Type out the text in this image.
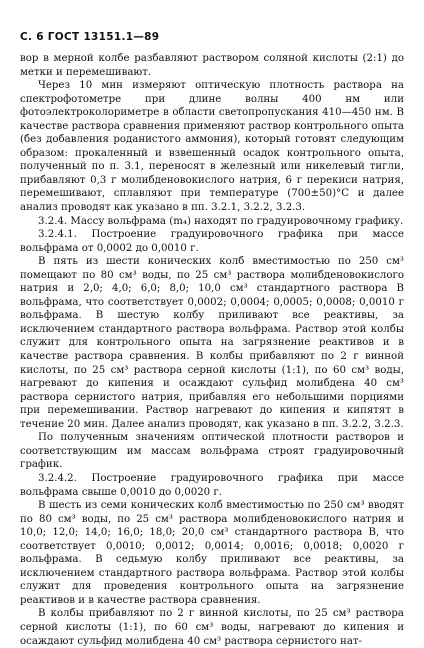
С. 6 ГОСТ 13151.1—89

вор в мерной колбе разбавляют раствором соляной кислоты (2:1) до метки и перемешивают.

Через 10 мин измеряют оптическую плотность раствора на спектрофотометре при длине волны 400 нм или фотоэлектроколориметре в области светопропускания 410—450 нм. В качестве раствора сравнения применяют раствор контрольного опыта (без добавления роданистого аммония), который готовят следующим образом: прокаленный и взвешенный осадок контрольного опыта, полученный по п. 3.1, переносят в железный или никелевый тигли, прибавляют 0,3 г молибденовокислого натрия, 6 г перекиси натрия, перемешивают, сплавляют при температуре (700±50)°С и далее анализ проводят как указано в пп. 3.2.1, 3.2.2, 3.2.3.

3.2.4. Массу вольфрама (m₄) находят по градуировочному графику.

3.2.4.1. Построение градуировочного графика при массе вольфрама от 0,0002 до 0,0010 г.

В пять из шести конических колб вместимостью по 250 см³ помещают по 80 см³ воды, по 25 см³ раствора молибденовокислого натрия и 2,0; 4,0; 6,0; 8,0; 10,0 см³ стандартного раствора В вольфрама, что соответствует 0,0002; 0,0004; 0,0005; 0,0008; 0,0010 г вольфрама. В шестую колбу приливают все реактивы, за исключением стандартного раствора вольфрама. Раствор этой колбы служит для контрольного опыта на загрязнение реактивов и в качестве раствора сравнения. В колбы прибавляют по 2 г винной кислоты, по 25 см³ раствора серной кислоты (1:1), по 60 см³ воды, нагревают до кипения и осаждают сульфид молибдена 40 см³ раствора сернистого натрия, прибавляя его небольшими порциями при перемешивании. Раствор нагревают до кипения и кипятят в течение 20 мин. Далее анализ проводят, как указано в пп. 3.2.2, 3.2.3.

По полученным значениям оптической плотности растворов и соответствующим им массам вольфрама строят градуировочный график.

3.2.4.2. Построение градуировочного графика при массе вольфрама свыше 0,0010 до 0,0020 г.

В шесть из семи конических колб вместимостью по 250 см³ вводят по 80 см³ воды, по 25 см³ раствора молибденовокислого натрия и 10,0; 12,0; 14,0; 16,0; 18,0; 20,0 см³ стандартного раствора В, что соответствует 0,0010; 0,0012; 0,0014; 0,0016; 0,0018; 0,0020 г вольфрама. В седьмую колбу приливают все реактивы, за исключением стандартного раствора вольфрама. Раствор этой колбы служит для проведения контрольного опыта на загрязнение реактивов и в качестве раствора сравнения.

В колбы прибавляют по 2 г винной кислоты, по 25 см³ раствора серной кислоты (1:1), по 60 см³ воды, нагревают до кипения и осаждают сульфид молибдена 40 см³ раствора сернистого нат-
